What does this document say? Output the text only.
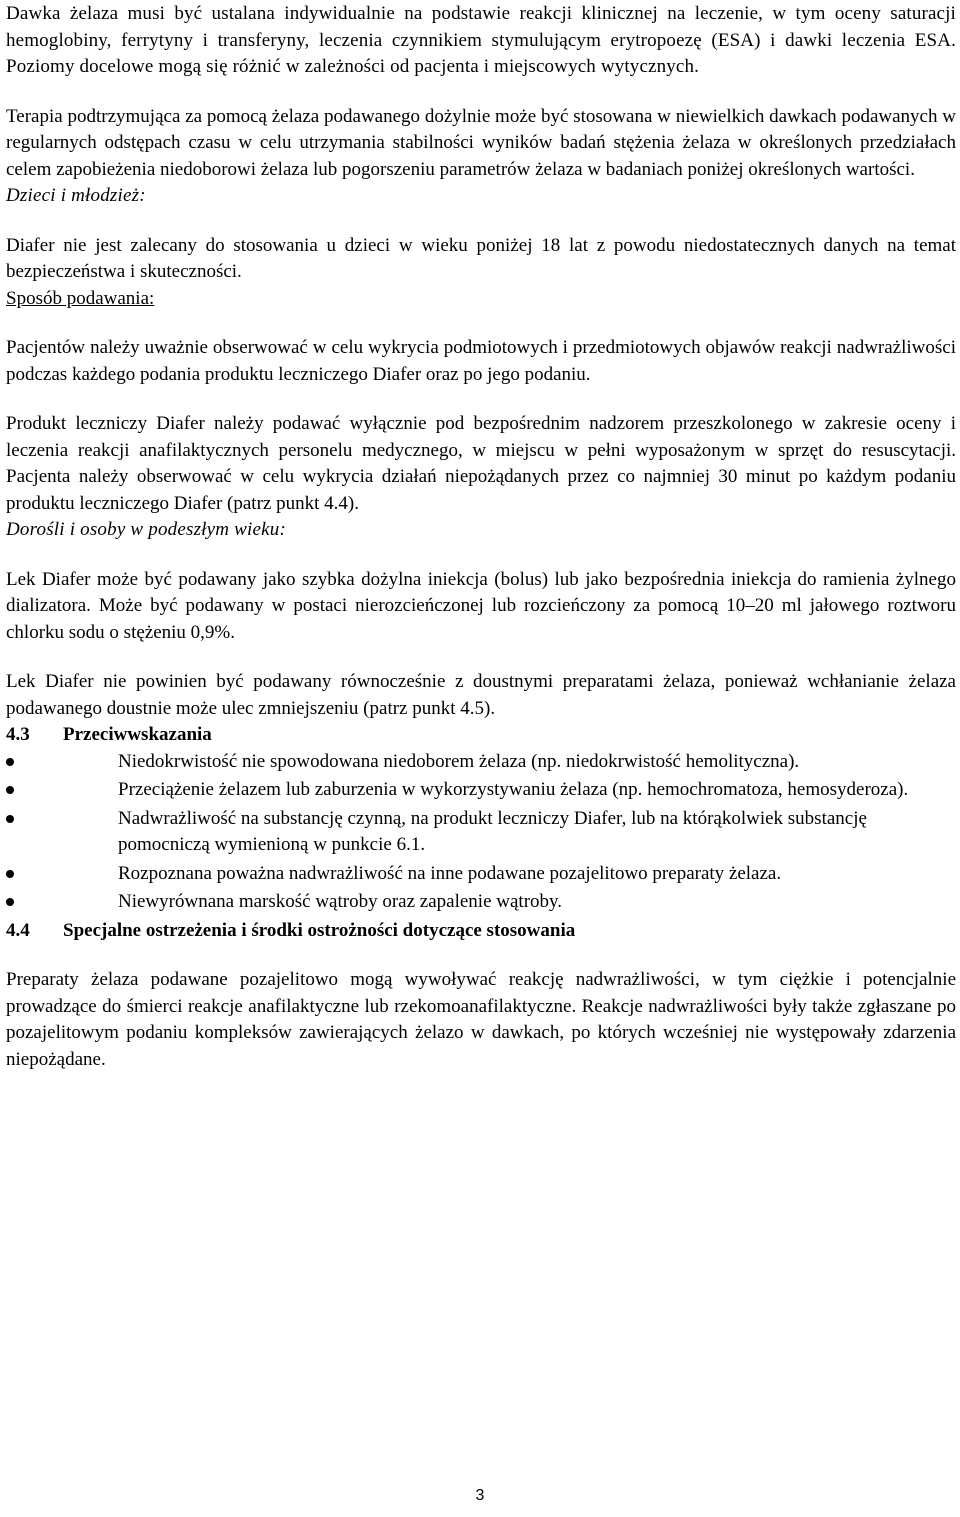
Dawka żelaza musi być ustalana indywidualnie na podstawie reakcji klinicznej na leczenie, w tym oceny saturacji hemoglobiny, ferrytyny i transferyny, leczenia czynnikiem stymulującym erytropoezę (ESA) i dawki leczenia ESA. Poziomy docelowe mogą się różnić w zależności od pacjenta i miejscowych wytycznych.

Terapia podtrzymująca za pomocą żelaza podawanego dożylnie może być stosowana w niewielkich dawkach podawanych w regularnych odstępach czasu w celu utrzymania stabilności wyników badań stężenia żelaza w określonych przedziałach celem zapobieżenia niedoborowi żelaza lub pogorszeniu parametrów żelaza w badaniach poniżej określonych wartości.

Dzieci i młodzież:

Diafer nie jest zalecany do stosowania u dzieci w wieku poniżej 18 lat z powodu niedostatecznych danych na temat bezpieczeństwa i skuteczności.

Sposób podawania:

Pacjentów należy uważnie obserwować w celu wykrycia podmiotowych i przedmiotowych objawów reakcji nadwrażliwości podczas każdego podania produktu leczniczego Diafer oraz po jego podaniu.

Produkt leczniczy Diafer należy podawać wyłącznie pod bezpośrednim nadzorem przeszkolonego w zakresie oceny i leczenia reakcji anafilaktycznych personelu medycznego, w miejscu w pełni wyposażonym w sprzęt do resuscytacji. Pacjenta należy obserwować w celu wykrycia działań niepożądanych przez co najmniej 30 minut po każdym podaniu produktu leczniczego Diafer (patrz punkt 4.4).

Dorośli i osoby w podeszłym wieku:

Lek Diafer może być podawany jako szybka dożylna iniekcja (bolus) lub jako bezpośrednia iniekcja do ramienia żylnego dializatora. Może być podawany w postaci nierozcieńczonej lub rozcieńczony za pomocą 10–20 ml jałowego roztworu chlorku sodu o stężeniu 0,9%.

Lek Diafer nie powinien być podawany równocześnie z doustnymi preparatami żelaza, ponieważ wchłanianie żelaza podawanego doustnie może ulec zmniejszeniu (patrz punkt 4.5).

4.3	Przeciwwskazania
Niedokrwistość nie spowodowana niedoborem żelaza (np. niedokrwistość hemolityczna).
Przeciążenie żelazem lub zaburzenia w wykorzystywaniu żelaza (np. hemochromatoza, hemosyderoza).
Nadwrażliwość na substancję czynną, na produkt leczniczy Diafer, lub na którąkolwiek substancję pomocniczą wymienioną w punkcie 6.1.
Rozpoznana poważna nadwrażliwość na inne podawane pozajelitowo preparaty żelaza.
Niewyrównana marskość wątroby oraz zapalenie wątroby.
4.4	Specjalne ostrzeżenia i środki ostrożności dotyczące stosowania

Preparaty żelaza podawane pozajelitowo mogą wywoływać reakcję nadwrażliwości, w tym ciężkie i potencjalnie prowadzące do śmierci reakcje anafilaktyczne lub rzekomoanafilaktyczne. Reakcje nadwrażliwości były także zgłaszane po pozajelitowym podaniu kompleksów zawierających żelazo w dawkach, po których wcześniej nie występowały zdarzenia niepożądane.

3
